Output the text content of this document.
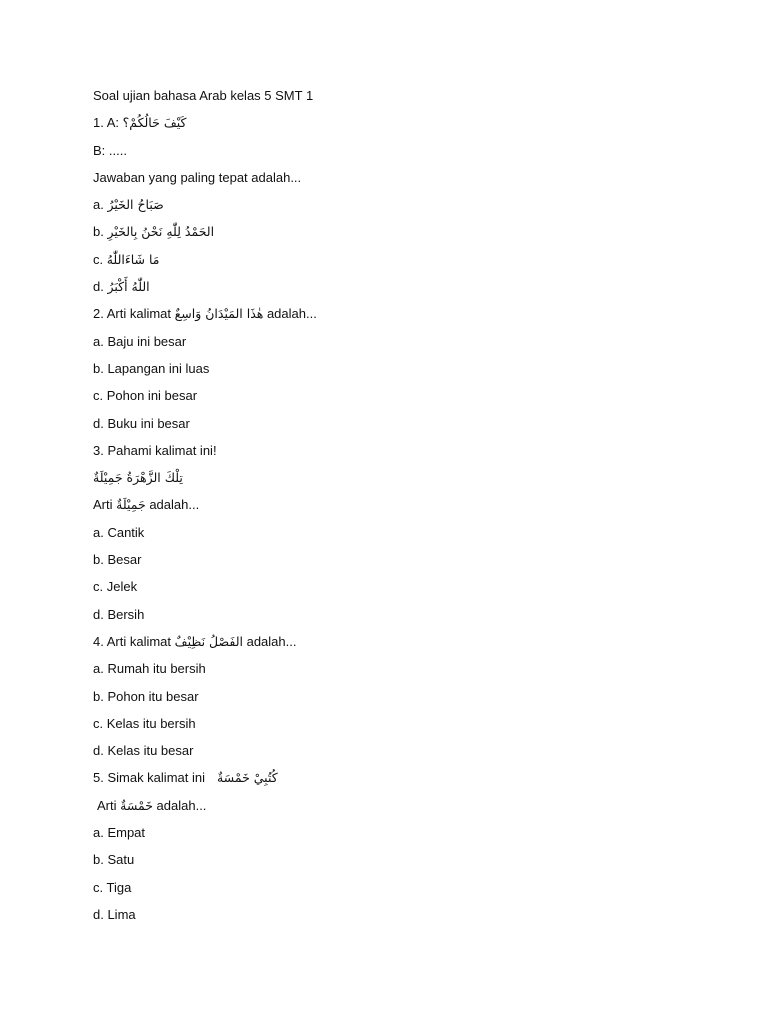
Soal ujian bahasa Arab kelas 5 SMT 1
1. A: كَيْفَ حَالُكُمْ؟
B: .....
Jawaban yang paling tepat adalah...
a. صَبَاحُ الخَيْرُ
b. الحَمْدُ لِلّٰهِ نَحْنُ بِالخَيْرِ
c. مَا شَاءَاللّٰهُ
d. اللّٰهُ أَكْبَرُ
2. Arti kalimat هٰذَا المَيْدَانُ وَاسِعٌ adalah...
a. Baju ini besar
b. Lapangan ini luas
c. Pohon ini besar
d. Buku ini besar
3. Pahami kalimat ini!
تِلْكَ الزَّهْرَةُ جَمِيْلَةٌ
Arti جَمِيْلَةٌ adalah...
a. Cantik
b. Besar
c. Jelek
d. Bersih
4. Arti kalimat الفَصْلُ نَظِيْفٌ adalah...
a. Rumah itu bersih
b. Pohon itu besar
c. Kelas itu bersih
d. Kelas itu besar
5. Simak kalimat ini كُتُبِيْ خَمْسَةٌ
Arti خَمْسَةٌ adalah...
a. Empat
b. Satu
c. Tiga
d. Lima
